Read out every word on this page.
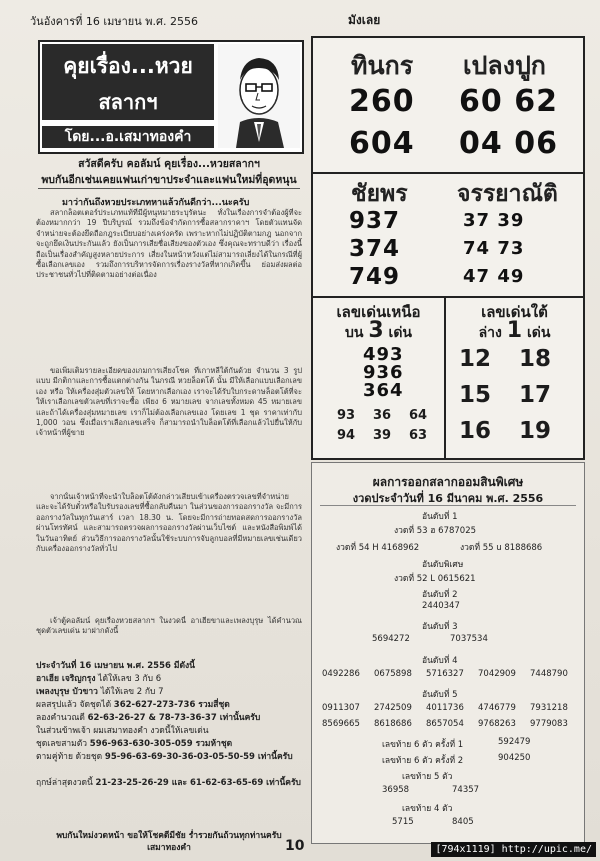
วันอังคารที่ 16 เมษายน พ.ศ. 2556	มังเลย
คุยเรื่อง...หวย
สลากฯ
โดย...อ.เสมาทองคำ
สวัสดีครับ คอลัมน์ คุยเรื่อง...หวยสลากฯ
พบกันอีกเช่นเคยแฟนเก่าขาประจำและแฟนใหม่ที่อุดหนุน
มาว่ากันถึงหวยประเภทหาแล้วกันดีกว่า...นะครับ

สลากล็อตเตอร์ประเภทแท้ที่มีผู้หนุหมายระบุรัตนะ ทั้งในเรื่องการจำต้องผู้ที่จะต้องหมากกว่า 19 ปีบริบูรณ์ รวมถึงข้อจำกัดการซื้อสลากราคาฯ โดยตัวแทนจัดจำหน่ายจะต้องยึดถือกฎระเบียบอย่างเคร่งครัด เพราะหากไม่ปฏิบัติตามกฎ นอกจากจะถูกยึดเงินประกันแล้ว ยังเป็นการเสียชื่อเสียงของตัวเอง ซึ่งคุณจะทราบดีว่า เรื่องนี้ถือเป็นเรื่องสำคัญสูงหลายประการ เสี่ยงในหน้าหวังแต่ไม่สามารถเลี่ยงได้ในกรณีที่ผู้ซื้อเลือกเลขเอง รวมถึงการบริหารจัดการเรื่องรางวัลที่หากเกิดขึ้น ย่อมส่งผลต่อประชาชนทั่วไปที่ติดตามอย่างต่อเนื่อง

ขอเพิ่มเติมรายละเอียดของเกมการเสี่ยงโชค ที่เกาหลีใต้กันด้วย จำนวน 3 รูปแบบ มีกติกาและการซื้อแตกต่างกัน ในกรณี หวยล็อตโต้ นั้น มีให้เลือกแบบเลือกเลขเอง หรือ ให้เครื่องสุ่มตัวเลขให้ โดยหากเลือกเอง เราจะได้รับใบกระดาษล็อตโต้ที่จะให้เราเลือกเลขตัวเลขที่เราจะซื้อ เพียง 6 หมายเลข จากเลขทั้งหมด 45 หมายเลข และถ้าได้เครื่องสุ่มหมายเลข เราก็ไม่ต้องเลือกเลขเอง โดยเลข 1 ชุด ราคาเท่ากับ 1,000 วอน ซึ่งเมื่อเราเลือกเลขเสร็จ ก็สามารถนำใบล็อตโต้ที่เลือกแล้วไปยื่นให้กับเจ้าหน้าที่ผู้ขาย

จากนั้นเจ้าหน้าที่จะนำใบล็อตโต้ดังกล่าวเสียบเข้าเครื่องตรวจเลขที่จำหน่าย และจะได้รับตั๋วหรือใบรับรองเลขที่ซื้อกลับคืนมา ในส่วนของการออกรางวัล จะมีการออกรางวัลในทุกวันเสาร์ เวลา 18.30 น. โดยจะมีการถ่ายทอดสดการออกรางวัลผ่านโทรทัศน์ และสามารถตรวจผลการออกรางวัลผ่านเว็บไซต์ และหนังสือพิมพ์ได้ในวันอาทิตย์ ส่วนวิธีการออกรางวัลนั้นใช้ระบบการจับลูกบอลที่มีหมายเลขเช่นเดียวกับเครื่องออกรางวัลทั่วไป

เจ้าตู้คอลัมน์ คุยเรื่องหวยสลากฯ ในงวดนี้ อาเฮียขาและเพลงบุรุษ ได้คำนวณชุดตัวเลขเด่น มาฝากดังนี้

ประจำวันที่ 16 เมษายน พ.ศ. 2556 มีดังนี้
อาเฮีย เจริญกรุง ได้ให้เลข 3 กับ 6
เพลงบุรุษ บัวขาว ได้ให้เลข 2 กับ 7
ผลสรุปแล้ว จัดชุดได้ 362-627-273-736 รวมสี่ชุด
ลองคำนวณดี 62-63-26-27 & 78-73-36-37 เท่านั้นครับ
ในส่วนข้าพเจ้า ผมเสมาทองคำ งวดนี้ให้เลขเด่น
ชุดเลขสามตัว 596-963-630-305-059 รวมห้าชุด
ตามคู่ท้าย ด้วยชุด 95-96-63-69-30-36-03-05-50-59 เท่านี้ครับ
ฤกษ์ล่าสุดงวดนี้ 21-23-25-26-29 และ 61-62-63-65-69 เท่านี้ครับ
พบกันใหม่งวดหน้า ขอให้โชคดีมีชัย ร่ำรวยกันถ้วนทุกท่านครับ
เสมาทองคำ
ทินกร เปลงปูก
260 60 62
604 04 06
ชัยพร จรรยาณัติ
937	37 39
374	74 73
749	47 49
เลขเด่นเหนือ
บน 3 เด่น
493
936
364
93 36 64
94 39 63
เลขเด่นใต้
ล่าง 1 เด่น
12 18
15 17
16 19
ผลการออกสลากออมสินพิเศษ
งวดประจำวันที่ 16 มีนาคม พ.ศ. 2556
อันดับที่ 1
งวดที่ 53 ฮ 6787025
งวดที่ 54 H 4168962	งวดที่ 55 u 8188686
อันดับพิเศษ
งวดที่ 52 L 0615621
อันดับที่ 2
2440347
อันดับที่ 3
5694272	7037534
อันดับที่ 4
0492286 0675898 5716327 7042909 7448790
อันดับที่ 5
0911307 2742509 4011736 4746779 7931218
8569665 8618686 8657054 9768263 9779083
เลขท้าย 6 ตัว ครั้งที่ 1	592479
เลขท้าย 6 ตัว ครั้งที่ 2	904250
เลขท้าย 5 ตัว
36958	74357
เลขท้าย 4 ตัว
5715	8405
10	[794x1119] http://upic.me/
